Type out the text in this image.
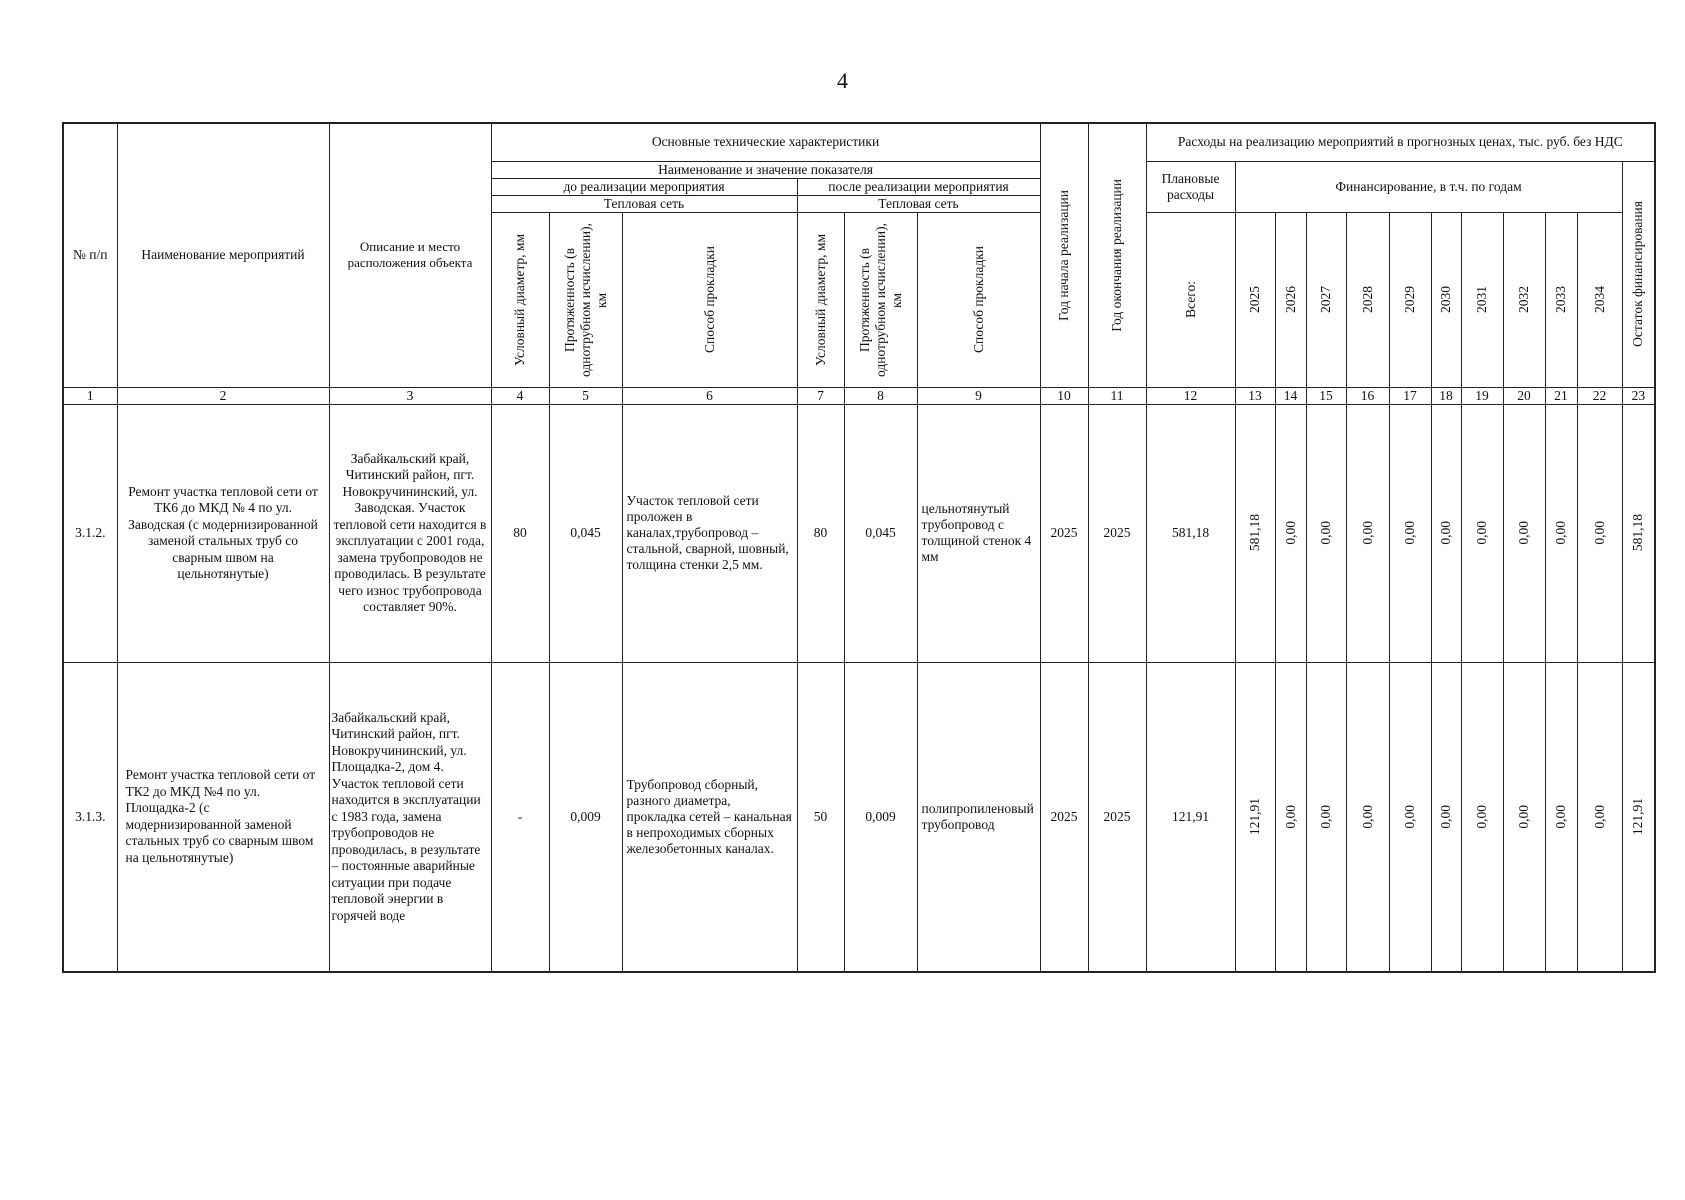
4
№ п/п	Наименование мероприятий	Описание и место расположения объекта	Основные технические характеристики						Год начала реализации	Год окончания реализации	Расходы на реализацию мероприятий в прогнозных ценах, тыс. руб. без НДС											
			Наименование и значение показателя								Плановые расходы	Финансирование, в т.ч. по годам										Остаток финансирования

			до реализации мероприятия			после реализации мероприятия																
			Тепловая сеть			Тепловая сеть																

			Условный диаметр, мм	Протяженность (в однотрубном исчислении), км	Способ прокладки	Условный диаметр, мм	Протяженность (в однотрубном исчислении), км	Способ прокладки			Всего:	2025	2026	2027	2028	2029	2030	2031	2032	2033	2034	

1	2	3	4	5	6	7	8	9	10	11	12	13	14	15	16	17	18	19	20	21	22	23
3.1.2.	Ремонт участка тепловой сети от ТК6 до МКД № 4 по ул. Заводская (с модернизированной заменой стальных труб со сварным швом на цельнотянутые)	Забайкальский край, Читинский район, пгт. Новокручининский, ул. Заводская. Участок тепловой сети находится в эксплуатации с 2001 года, замена трубопроводов не проводилась. В результате чего износ трубопровода составляет 90%.	80	0,045	Участок тепловой сети проложен в каналах,трубопровод – стальной, сварной, шовный, толщина стенки 2,5 мм.	80	0,045	цельнотянутый трубопровод с толщиной стенок 4 мм	2025	2025	581,18	581,18	0,00	0,00	0,00	0,00	0,00	0,00	0,00	0,00	0,00	581,18

3.1.3.	Ремонт участка тепловой сети от ТК2 до МКД №4 по ул. Площадка-2 (с модернизированной заменой стальных труб со сварным швом на цельнотянутые)	Забайкальский край, Читинский район, пгт. Новокручининский, ул. Площадка-2, дом 4. Участок тепловой сети находится в эксплуатации с 1983 года, замена трубопроводов не проводилась, в результате – постоянные аварийные ситуации при подаче тепловой энергии в горячей воде	-	0,009	Трубопровод сборный, разного диаметра, прокладка сетей – канальная в непроходимых сборных железобетонных каналах.	50	0,009	полипропиленовый трубопровод	2025	2025	121,91	121,91	0,00	0,00	0,00	0,00	0,00	0,00	0,00	0,00	0,00	121,91
